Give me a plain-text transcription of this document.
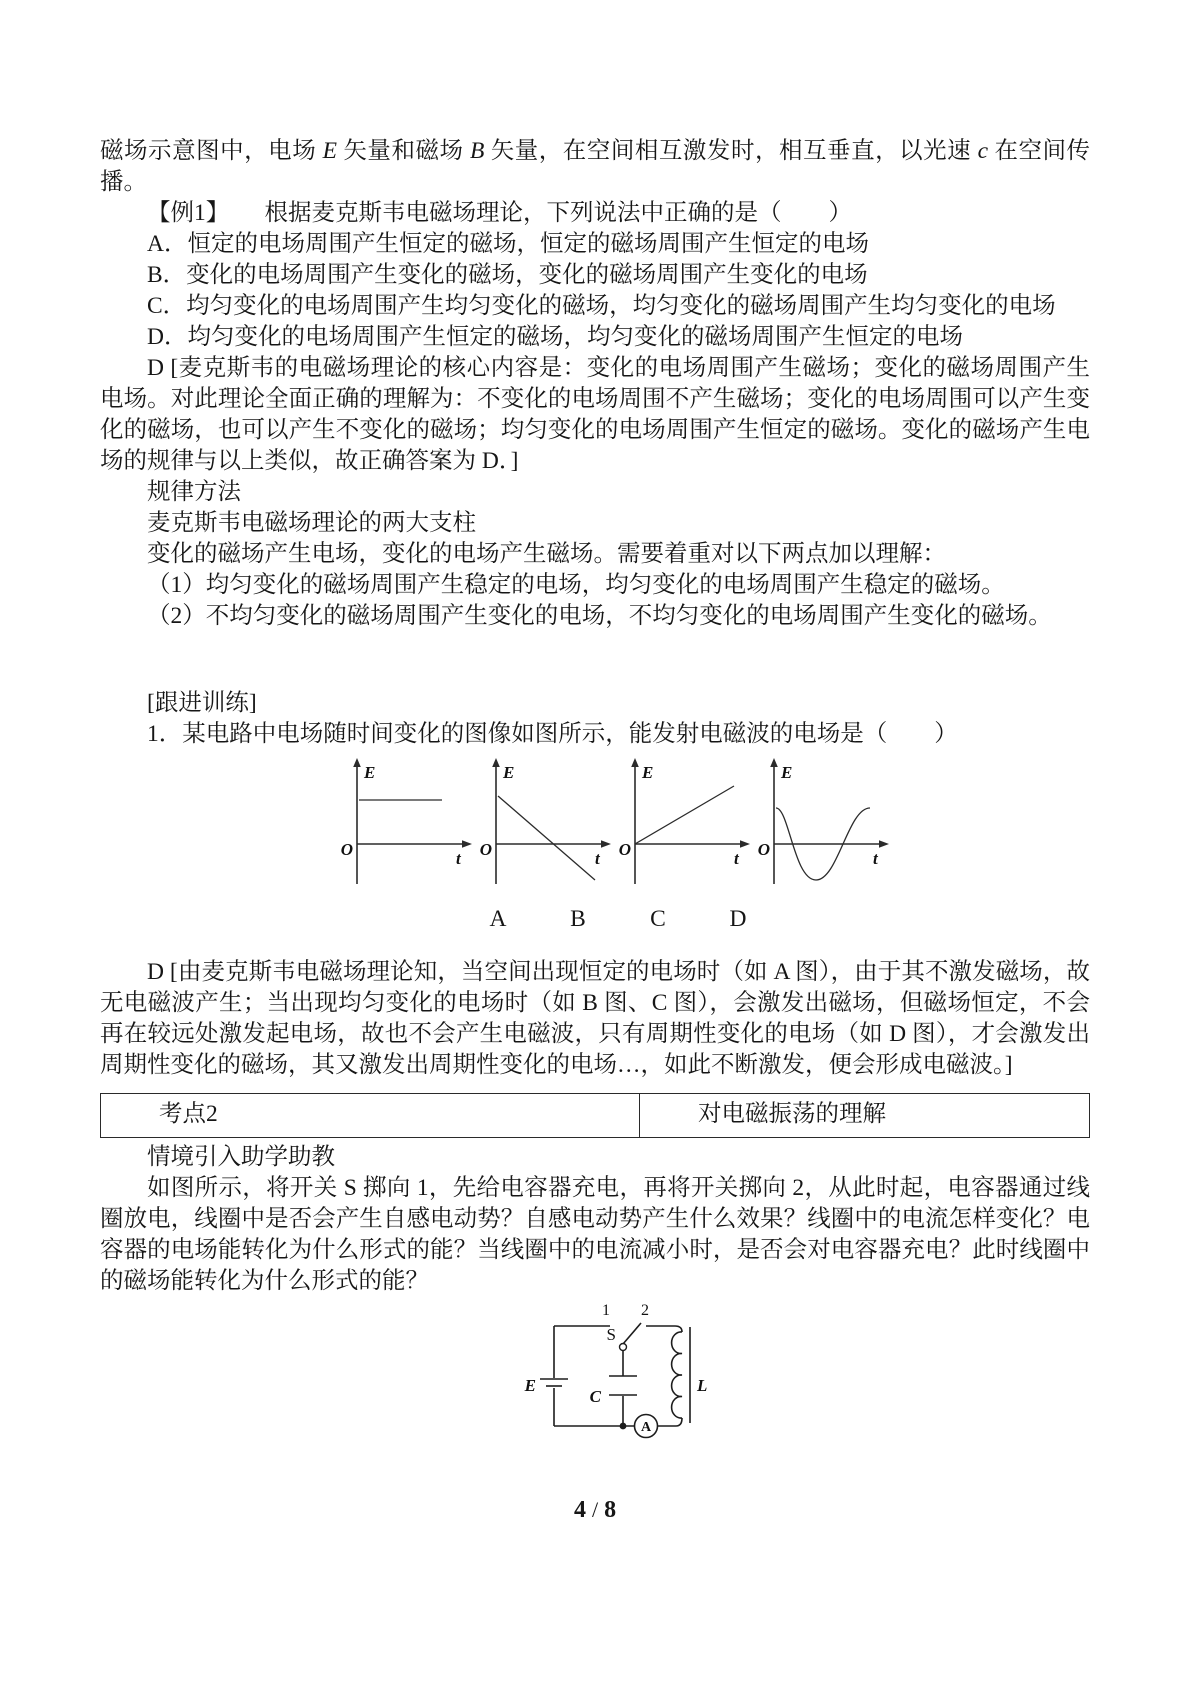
磁场示意图中，电场 E 矢量和磁场 B 矢量，在空间相互激发时，相互垂直，以光速 c 在空间传播。

【例1】　　根据麦克斯韦电磁场理论，下列说法中正确的是（　　）

A．恒定的电场周围产生恒定的磁场，恒定的磁场周围产生恒定的电场

B．变化的电场周围产生变化的磁场，变化的磁场周围产生变化的电场

C．均匀变化的电场周围产生均匀变化的磁场，均匀变化的磁场周围产生均匀变化的电场

D．均匀变化的电场周围产生恒定的磁场，均匀变化的磁场周围产生恒定的电场

D [麦克斯韦的电磁场理论的核心内容是：变化的电场周围产生磁场；变化的磁场周围产生电场。对此理论全面正确的理解为：不变化的电场周围不产生磁场；变化的电场周围可以产生变化的磁场，也可以产生不变化的磁场；均匀变化的电场周围产生恒定的磁场。变化的磁场产生电场的规律与以上类似，故正确答案为 D．]

规律方法

麦克斯韦电磁场理论的两大支柱

变化的磁场产生电场，变化的电场产生磁场。需要着重对以下两点加以理解：

（1）均匀变化的磁场周围产生稳定的电场，均匀变化的电场周围产生稳定的磁场。

（2）不均匀变化的磁场周围产生变化的电场，不均匀变化的电场周围产生变化的磁场。

[跟进训练]

1．某电路中电场随时间变化的图像如图所示，能发射电磁波的电场是（　　）

E
O	t
E
O	t
E
O	t
E
O	t
A	B	C	D

D [由麦克斯韦电磁场理论知，当空间出现恒定的电场时（如 A 图），由于其不激发磁场，故无电磁波产生；当出现均匀变化的电场时（如 B 图、C 图），会激发出磁场，但磁场恒定，不会再在较远处激发起电场，故也不会产生电磁波，只有周期性变化的电场（如 D 图），才会激发出周期性变化的磁场，其又激发出周期性变化的电场…，如此不断激发，便会形成电磁波。]

考点2	对电磁振荡的理解

情境引入助学助教

如图所示，将开关 S 掷向 1，先给电容器充电，再将开关掷向 2，从此时起，电容器通过线圈放电，线圈中是否会产生自感电动势？自感电动势产生什么效果？线圈中的电流怎样变化？电容器的电场能转化为什么形式的能？当线圈中的电流减小时，是否会对电容器充电？此时线圈中的磁场能转化为什么形式的能？

1 2
S
E
C
A
L
4 / 8
